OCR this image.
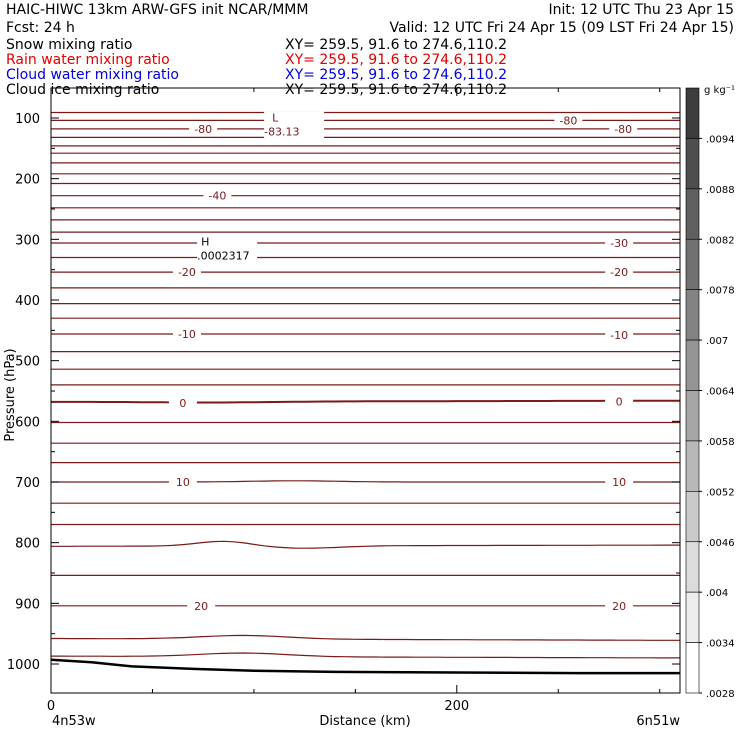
HAIC-HIWC 13km ARW-GFS init NCAR/MMM	Init: 12 UTC Thu 23 Apr 15
Fcst: 24 h	Valid: 12 UTC Fri 24 Apr 15 (09 LST Fri 24 Apr 15)
Snow mixing ratio	XY= 259.5, 91.6 to 274.6,110.2
Rain water mixing ratio	XY= 259.5, 91.6 to 274.6,110.2
Cloud water mixing ratio	XY= 259.5, 91.6 to 274.6,110.2
Cloud ice mixing ratio	XY= 259.5, 91.6 to 274.6,110.2
-80
-80
-80
-40
-30
-20	-20
-10	-10
0	0
10	10
20	20
L
-83.13
H
.0002317
100
200
300
400
500
600
700
800
900
1000
0	200
Pressure (hPa)
Distance (km)
4n53w	6n51w
.0094
.0088
.0082
.0078
.007
.0064
.0058
.0052
.0046
.004
.0034
.0028
g kg⁻¹
